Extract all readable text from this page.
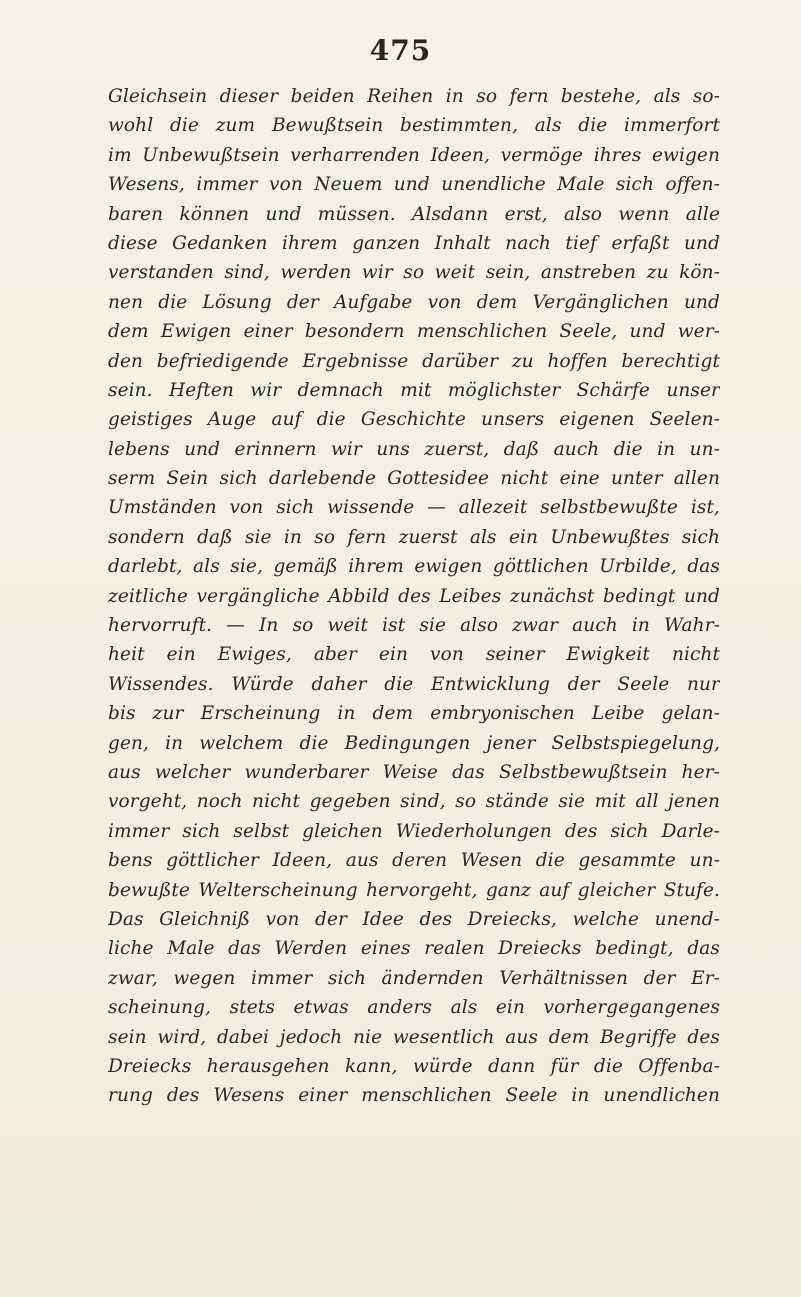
475
Gleichsein dieser beiden Reihen in so fern bestehe, als so-
wohl die zum Bewußtsein bestimmten, als die immerfort
im Unbewußtsein verharrenden Ideen, vermöge ihres ewigen
Wesens, immer von Neuem und unendliche Male sich offen-
baren können und müssen. Alsdann erst, also wenn alle
diese Gedanken ihrem ganzen Inhalt nach tief erfaßt und
verstanden sind, werden wir so weit sein, anstreben zu kön-
nen die Lösung der Aufgabe von dem Vergänglichen und
dem Ewigen einer besondern menschlichen Seele, und wer-
den befriedigende Ergebnisse darüber zu hoffen berechtigt
sein. Heften wir demnach mit möglichster Schärfe unser
geistiges Auge auf die Geschichte unsers eigenen Seelen-
lebens und erinnern wir uns zuerst, daß auch die in un-
serm Sein sich darlebende Gottesidee nicht eine unter allen
Umständen von sich wissende — allezeit selbstbewußte ist,
sondern daß sie in so fern zuerst als ein Unbewußtes sich
darlebt, als sie, gemäß ihrem ewigen göttlichen Urbilde, das
zeitliche vergängliche Abbild des Leibes zunächst bedingt und
hervorruft. — In so weit ist sie also zwar auch in Wahr-
heit ein Ewiges, aber ein von seiner Ewigkeit nicht
Wissendes. Würde daher die Entwicklung der Seele nur
bis zur Erscheinung in dem embryonischen Leibe gelan-
gen, in welchem die Bedingungen jener Selbstspiegelung,
aus welcher wunderbarer Weise das Selbstbewußtsein her-
vorgeht, noch nicht gegeben sind, so stände sie mit all jenen
immer sich selbst gleichen Wiederholungen des sich Darle-
bens göttlicher Ideen, aus deren Wesen die gesammte un-
bewußte Welterscheinung hervorgeht, ganz auf gleicher Stufe.
Das Gleichniß von der Idee des Dreiecks, welche unend-
liche Male das Werden eines realen Dreiecks bedingt, das
zwar, wegen immer sich ändernden Verhältnissen der Er-
scheinung, stets etwas anders als ein vorhergegangenes
sein wird, dabei jedoch nie wesentlich aus dem Begriffe des
Dreiecks herausgehen kann, würde dann für die Offenba-
rung des Wesens einer menschlichen Seele in unendlichen
